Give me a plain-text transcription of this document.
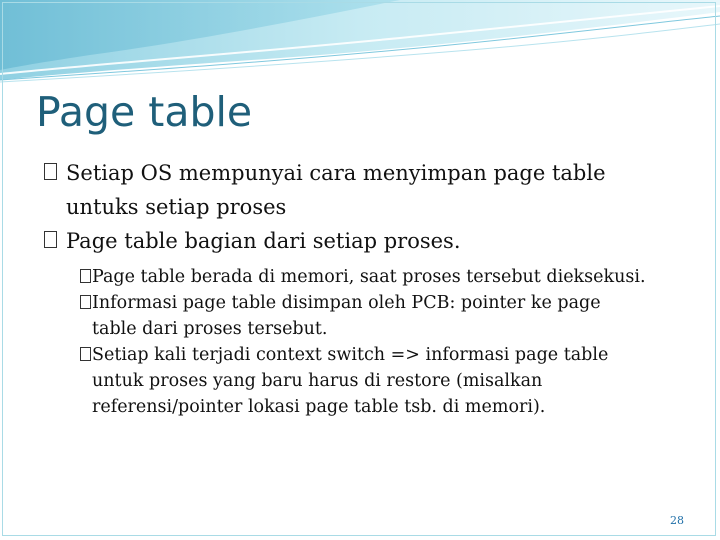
Page table

Setiap OS mempunyai cara menyimpan page table
untuks setiap proses

Page table bagian dari setiap proses.

Page table berada di memori, saat proses tersebut dieksekusi.

Informasi page table disimpan oleh PCB: pointer ke page
table dari proses tersebut.

Setiap kali terjadi context switch => informasi page table
untuk proses yang baru harus di restore (misalkan
referensi/pointer lokasi page table tsb. di memori).

28
